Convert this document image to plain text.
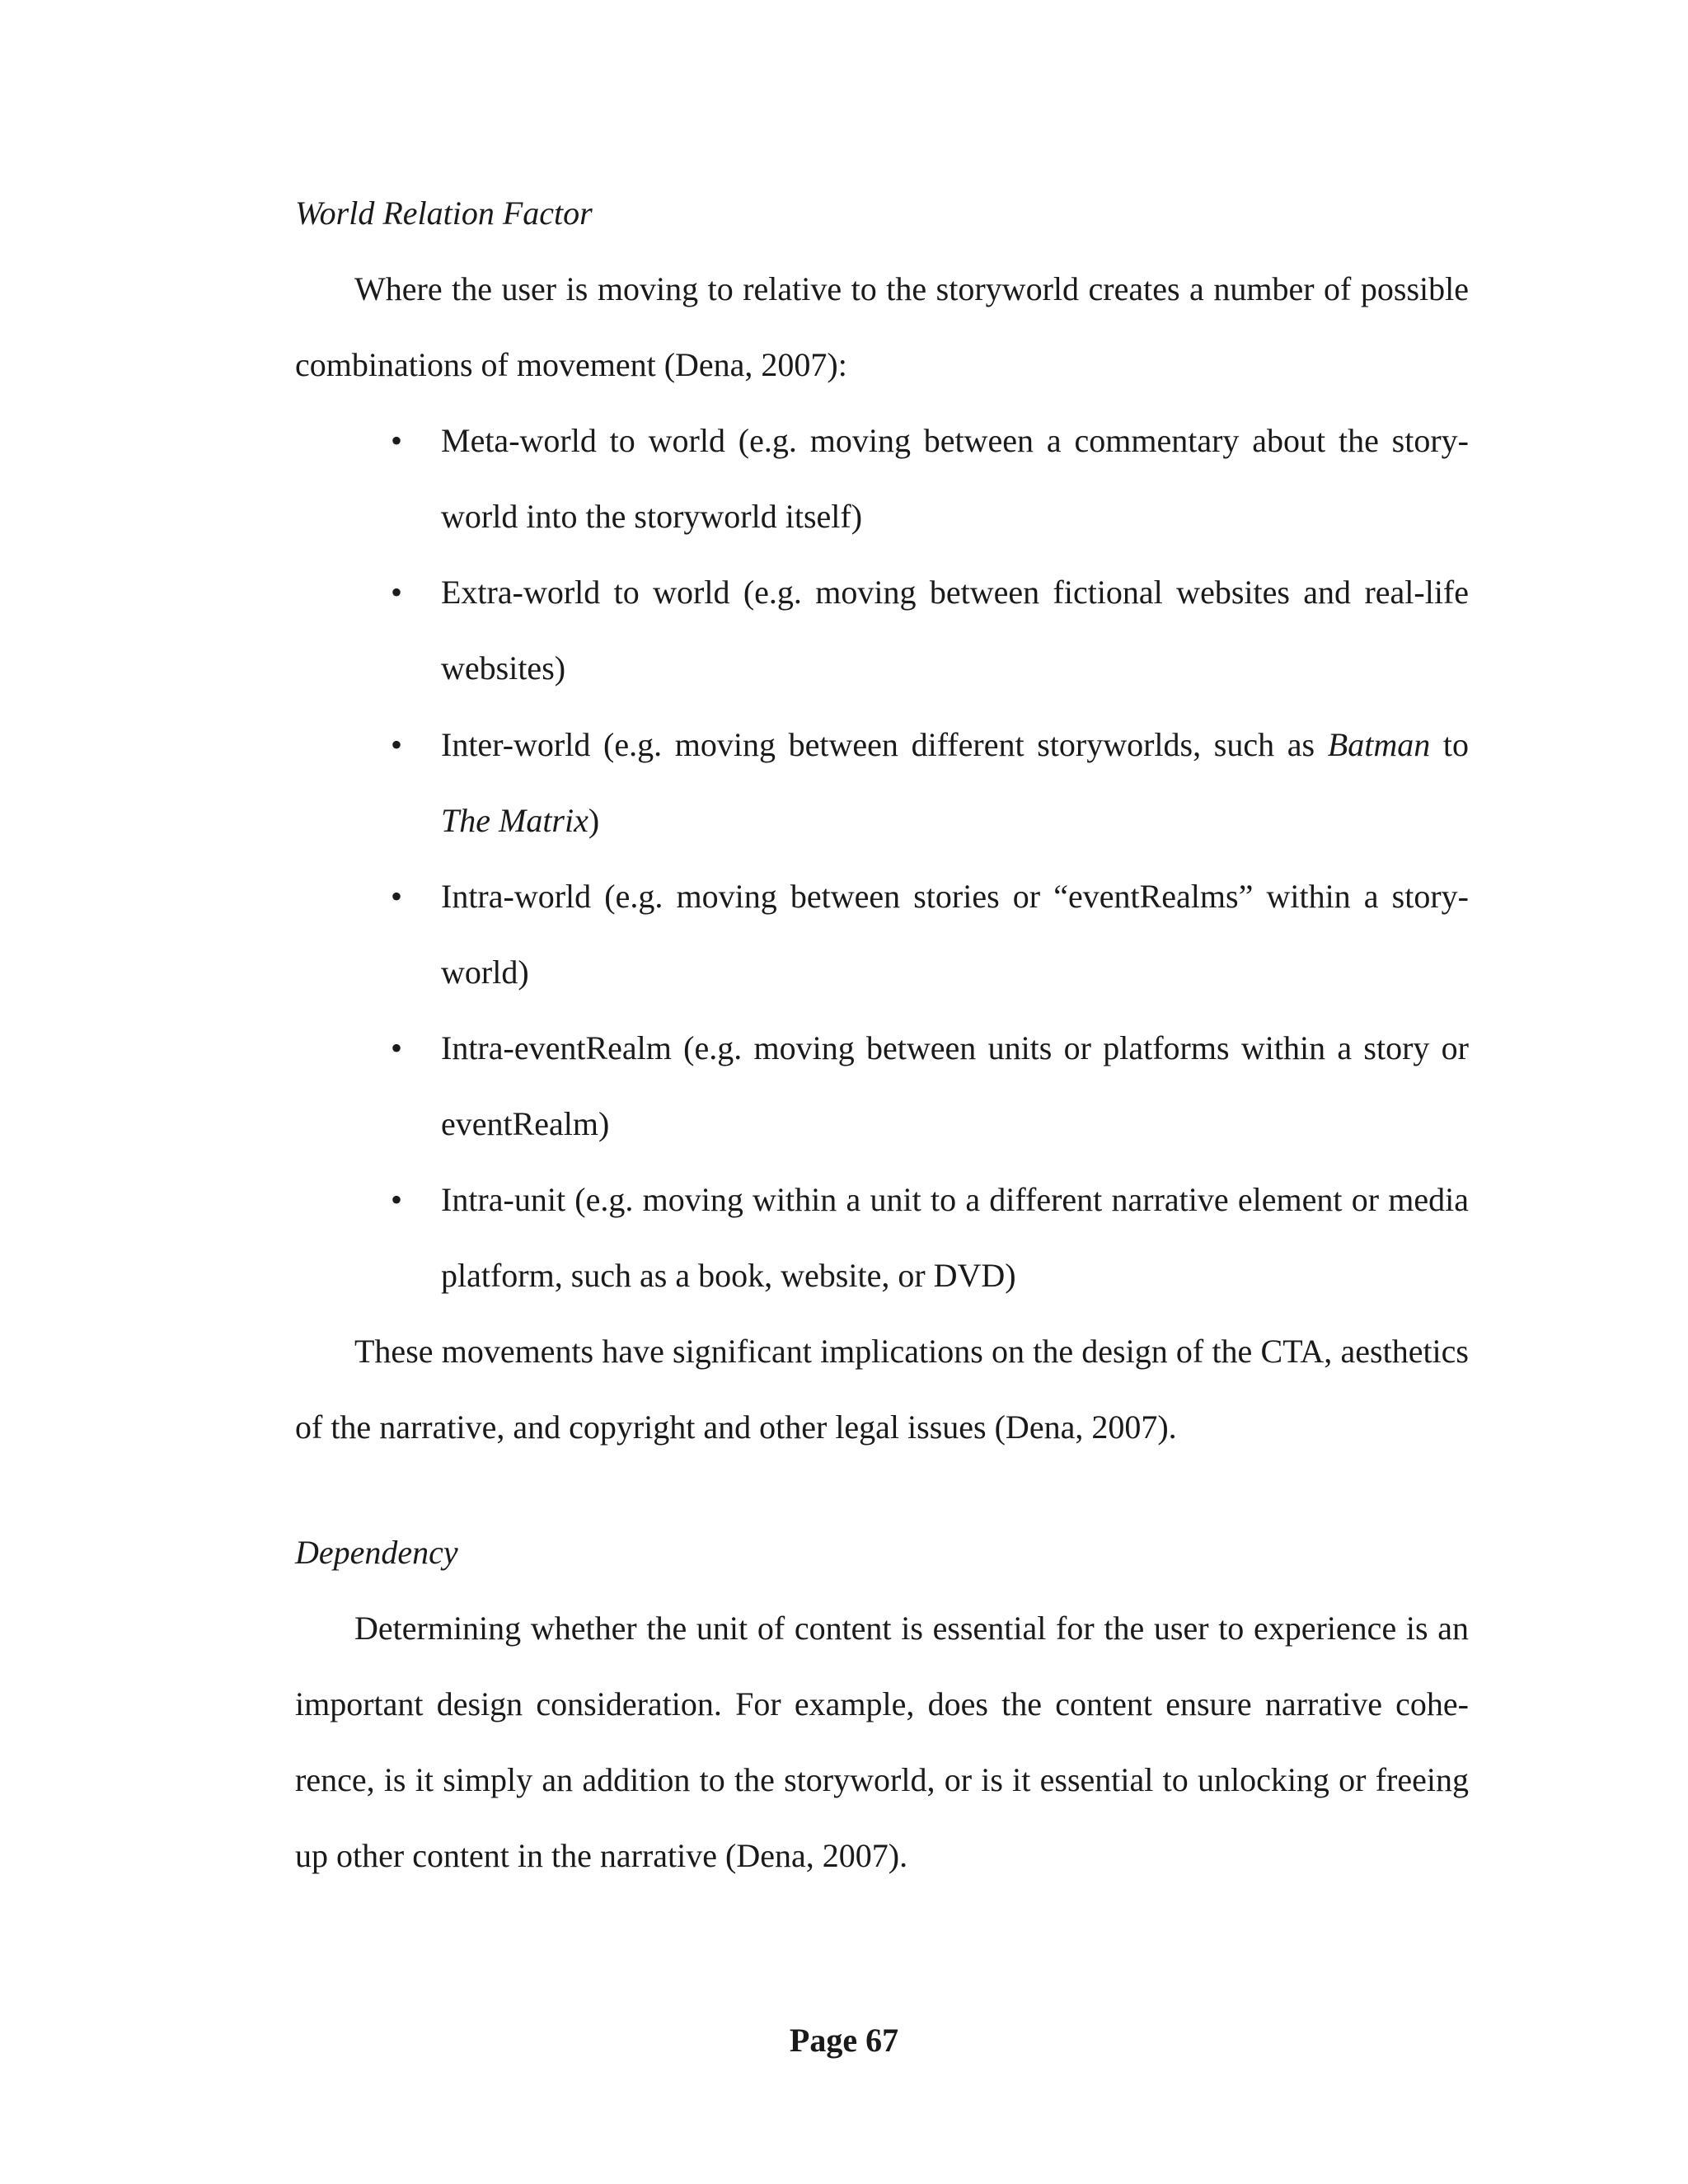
World Relation Factor
Where the user is moving to relative to the storyworld creates a number of possible
combinations of movement (Dena, 2007):
• Meta-world to world (e.g. moving between a commentary about the story-
world into the storyworld itself)
• Extra-world to world (e.g. moving between fictional websites and real-life
websites)
• Inter-world (e.g. moving between different storyworlds, such as Batman to
The Matrix)
• Intra-world (e.g. moving between stories or “eventRealms” within a story-
world)
• Intra-eventRealm (e.g. moving between units or platforms within a story or
eventRealm)
• Intra-unit (e.g. moving within a unit to a different narrative element or media
platform, such as a book, website, or DVD)
These movements have significant implications on the design of the CTA, aesthetics
of the narrative, and copyright and other legal issues (Dena, 2007).
Dependency
Determining whether the unit of content is essential for the user to experience is an
important design consideration. For example, does the content ensure narrative cohe-
rence, is it simply an addition to the storyworld, or is it essential to unlocking or freeing
up other content in the narrative (Dena, 2007).
Page 67
